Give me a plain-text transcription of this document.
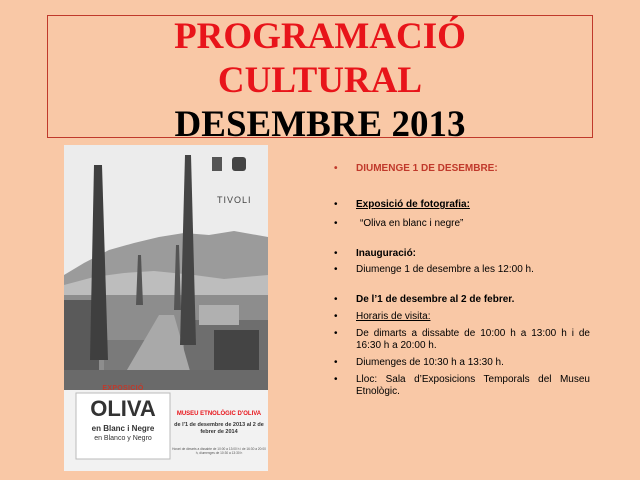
PROGRAMACIÓ
CULTURAL
DESEMBRE 2013
TIVOLI
EXPOSICIÓ
OLIVA
en Blanc i Negre
en Blanco y Negro
MUSEU ETNOLÒGIC D'OLIVA
de l'1 de desembre de 2013 al 2 de febrer de 2014
Horari de dimarts a dissabte de 10:00 a 13:00 h i de 16:30 a 20:00 h, diumenges de 10:30 a 13:30 h
• DIUMENGE 1 DE DESEMBRE:
• Exposició de fotografia:
• “Oliva en blanc i negre”
• Inauguració:
• Diumenge 1 de desembre a les 12:00 h.
• De l’1 de desembre al 2 de febrer.
• Horaris de visita:
• De dimarts a dissabte de 10:00 h a 13:00 h i de 16:30 h a 20:00 h.
• Diumenges de 10:30 h a 13:30 h.
• Lloc: Sala d’Exposicions Temporals del Museu Etnològic.
